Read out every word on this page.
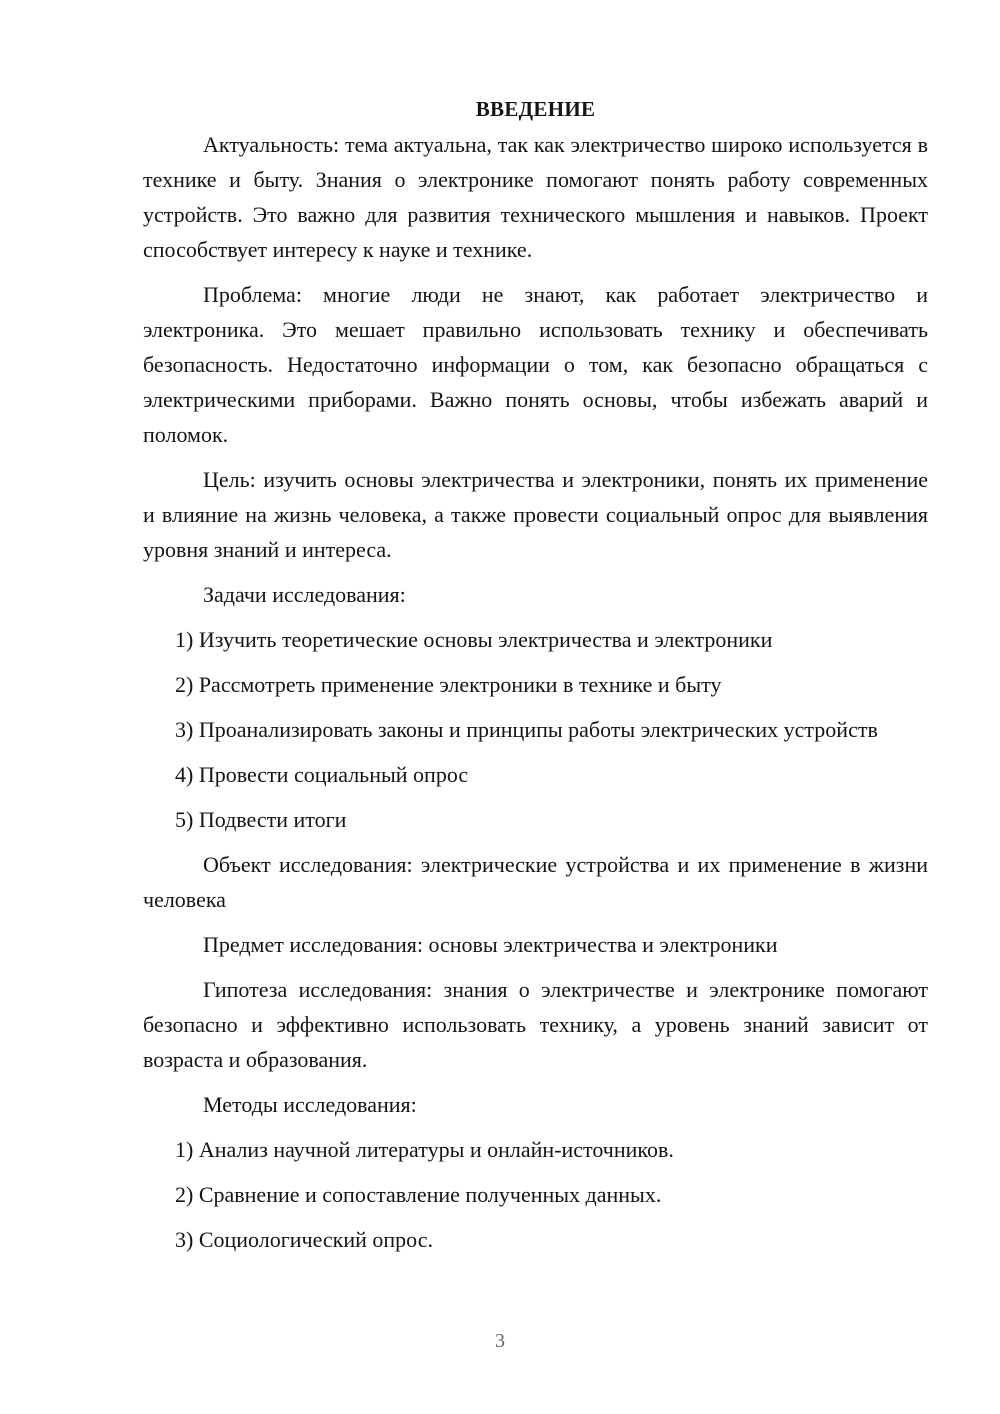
ВВЕДЕНИЕ

Актуальность: тема актуальна, так как электричество широко используется в технике и быту. Знания о электронике помогают понять работу современных устройств. Это важно для развития технического мышления и навыков. Проект способствует интересу к науке и технике.

Проблема: многие люди не знают, как работает электричество и электроника. Это мешает правильно использовать технику и обеспечивать безопасность. Недостаточно информации о том, как безопасно обращаться с электрическими приборами. Важно понять основы, чтобы избежать аварий и поломок.

Цель: изучить основы электричества и электроники, понять их применение и влияние на жизнь человека, а также провести социальный опрос для выявления уровня знаний и интереса.

Задачи исследования:

1) Изучить теоретические основы электричества и электроники

2) Рассмотреть применение электроники в технике и быту

3) Проанализировать законы и принципы работы электрических устройств

4) Провести социальный опрос

5) Подвести итоги

Объект исследования: электрические устройства и их применение в жизни человека

Предмет исследования: основы электричества и электроники

Гипотеза исследования: знания о электричестве и электронике помогают безопасно и эффективно использовать технику, а уровень знаний зависит от возраста и образования.

Методы исследования:

1) Анализ научной литературы и онлайн-источников.

2) Сравнение и сопоставление полученных данных.

3) Социологический опрос.

3
